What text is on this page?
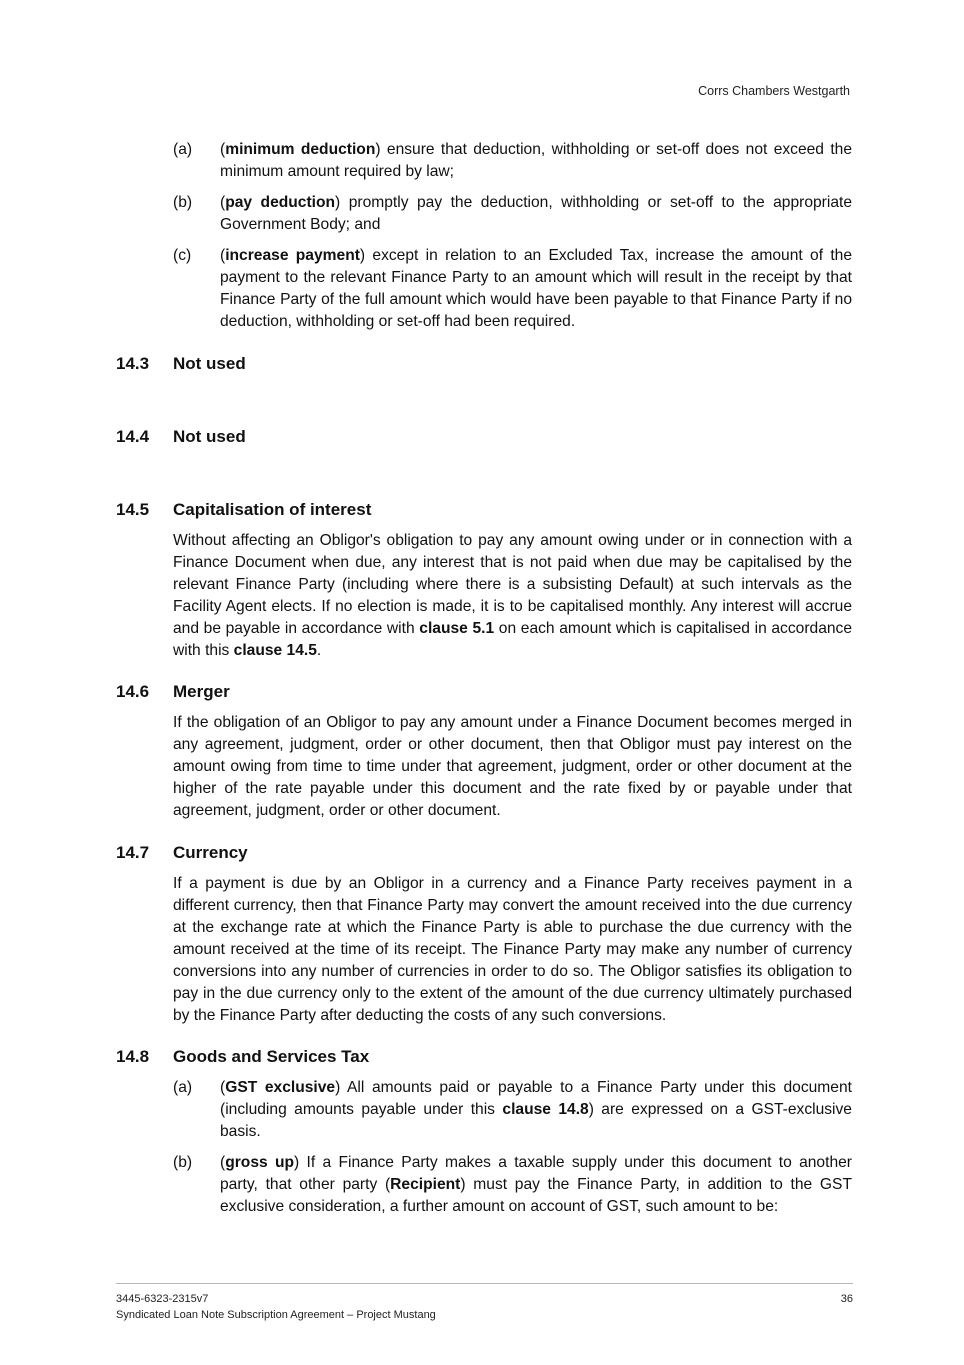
Corrs Chambers Westgarth
(a)	(minimum deduction) ensure that deduction, withholding or set-off does not exceed the minimum amount required by law;
(b)	(pay deduction) promptly pay the deduction, withholding or set-off to the appropriate Government Body; and
(c)	(increase payment) except in relation to an Excluded Tax, increase the amount of the payment to the relevant Finance Party to an amount which will result in the receipt by that Finance Party of the full amount which would have been payable to that Finance Party if no deduction, withholding or set-off had been required.
14.3	Not used
14.4	Not used
14.5	Capitalisation of interest
Without affecting an Obligor's obligation to pay any amount owing under or in connection with a Finance Document when due, any interest that is not paid when due may be capitalised by the relevant Finance Party (including where there is a subsisting Default) at such intervals as the Facility Agent elects. If no election is made, it is to be capitalised monthly. Any interest will accrue and be payable in accordance with clause 5.1 on each amount which is capitalised in accordance with this clause 14.5.
14.6	Merger
If the obligation of an Obligor to pay any amount under a Finance Document becomes merged in any agreement, judgment, order or other document, then that Obligor must pay interest on the amount owing from time to time under that agreement, judgment, order or other document at the higher of the rate payable under this document and the rate fixed by or payable under that agreement, judgment, order or other document.
14.7	Currency
If a payment is due by an Obligor in a currency and a Finance Party receives payment in a different currency, then that Finance Party may convert the amount received into the due currency at the exchange rate at which the Finance Party is able to purchase the due currency with the amount received at the time of its receipt. The Finance Party may make any number of currency conversions into any number of currencies in order to do so. The Obligor satisfies its obligation to pay in the due currency only to the extent of the amount of the due currency ultimately purchased by the Finance Party after deducting the costs of any such conversions.
14.8	Goods and Services Tax
(a)	(GST exclusive) All amounts paid or payable to a Finance Party under this document (including amounts payable under this clause 14.8) are expressed on a GST-exclusive basis.
(b)	(gross up) If a Finance Party makes a taxable supply under this document to another party, that other party (Recipient) must pay the Finance Party, in addition to the GST exclusive consideration, a further amount on account of GST, such amount to be:
3445-6323-2315v7
Syndicated Loan Note Subscription Agreement – Project Mustang
36
